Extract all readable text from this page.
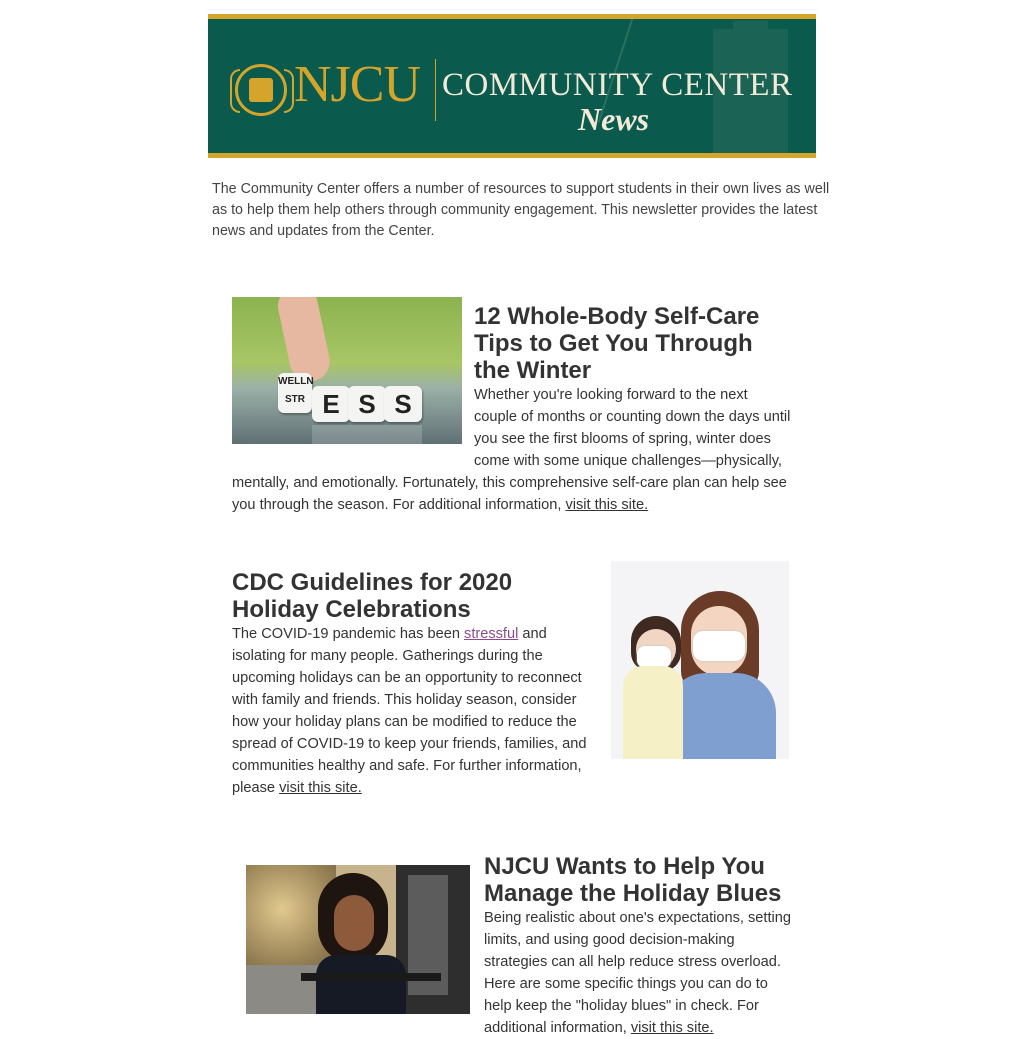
NJCU COMMUNITY CENTER
News

The Community Center offers a number of resources to support students in their own lives as well as to help them help others through community engagement. This newsletter provides the latest news and updates from the Center.

WELLN
STR E S S
12 Whole-Body Self-Care Tips to Get You Through the Winter

Whether you're looking forward to the next couple of months or counting down the days until you see the first blooms of spring, winter does come with some unique challenges—physically, mentally, and emotionally. Fortunately, this comprehensive self-care plan can help see you through the season. For additional information, visit this site.

CDC Guidelines for 2020 Holiday Celebrations

The COVID-19 pandemic has been stressful and isolating for many people. Gatherings during the upcoming holidays can be an opportunity to reconnect with family and friends. This holiday season, consider how your holiday plans can be modified to reduce the spread of COVID-19 to keep your friends, families, and communities healthy and safe. For further information, please visit this site.

NJCU Wants to Help You Manage the Holiday Blues

Being realistic about one's expectations, setting limits, and using good decision-making strategies can all help reduce stress overload. Here are some specific things you can do to help keep the "holiday blues" in check. For additional information, visit this site.
